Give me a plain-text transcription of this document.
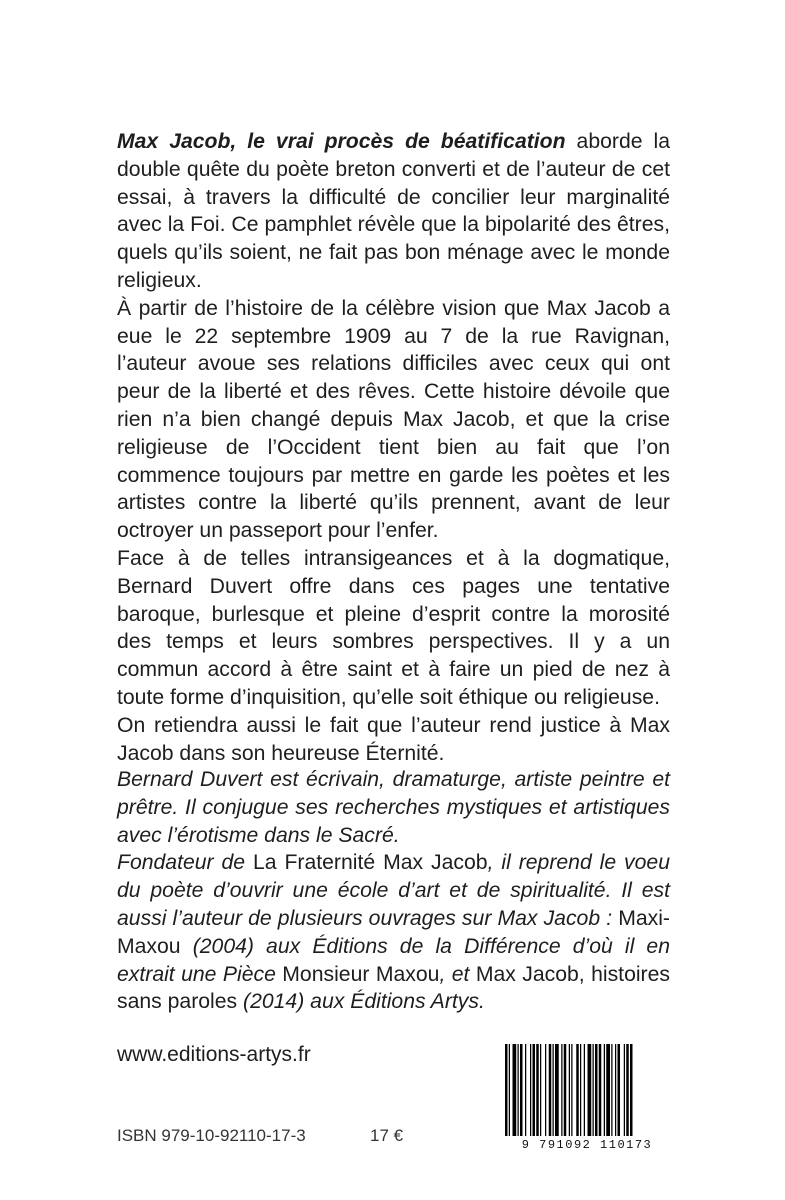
Max Jacob, le vrai procès de béatification aborde la double quête du poète breton converti et de l’auteur de cet essai, à travers la difficulté de concilier leur marginalité avec la Foi. Ce pamphlet révèle que la bipolarité des êtres, quels qu’ils soient, ne fait pas bon ménage avec le monde religieux.

À partir de l’histoire de la célèbre vision que Max Jacob a eue le 22 septembre 1909 au 7 de la rue Ravignan, l’auteur avoue ses relations difficiles avec ceux qui ont peur de la liberté et des rêves. Cette histoire dévoile que rien n’a bien changé depuis Max Jacob, et que la crise religieuse de l’Occident tient bien au fait que l’on commence toujours par mettre en garde les poètes et les artistes contre la liberté qu’ils prennent, avant de leur octroyer un passeport pour l’enfer.

Face à de telles intransigeances et à la dogmatique, Bernard Duvert offre dans ces pages une tentative baroque, burlesque et pleine d’esprit contre la morosité des temps et leurs sombres perspectives. Il y a un commun accord à être saint et à faire un pied de nez à toute forme d’inquisition, qu’elle soit éthique ou religieuse.

On retiendra aussi le fait que l’auteur rend justice à Max Jacob dans son heureuse Éternité.

Bernard Duvert est écrivain, dramaturge, artiste peintre et prêtre. Il conjugue ses recherches mystiques et artistiques avec l’érotisme dans le Sacré.

Fondateur de La Fraternité Max Jacob, il reprend le voeu du poète d’ouvrir une école d’art et de spiritualité. Il est aussi l’auteur de plusieurs ouvrages sur Max Jacob : Maxi-Maxou (2004) aux Éditions de la Différence d’où il en extrait une Pièce Monsieur Maxou, et Max Jacob, histoires sans paroles (2014) aux Éditions Artys.

www.editions-artys.fr
ISBN 979-10-92110-17-3	17 €	9 791092 110173
